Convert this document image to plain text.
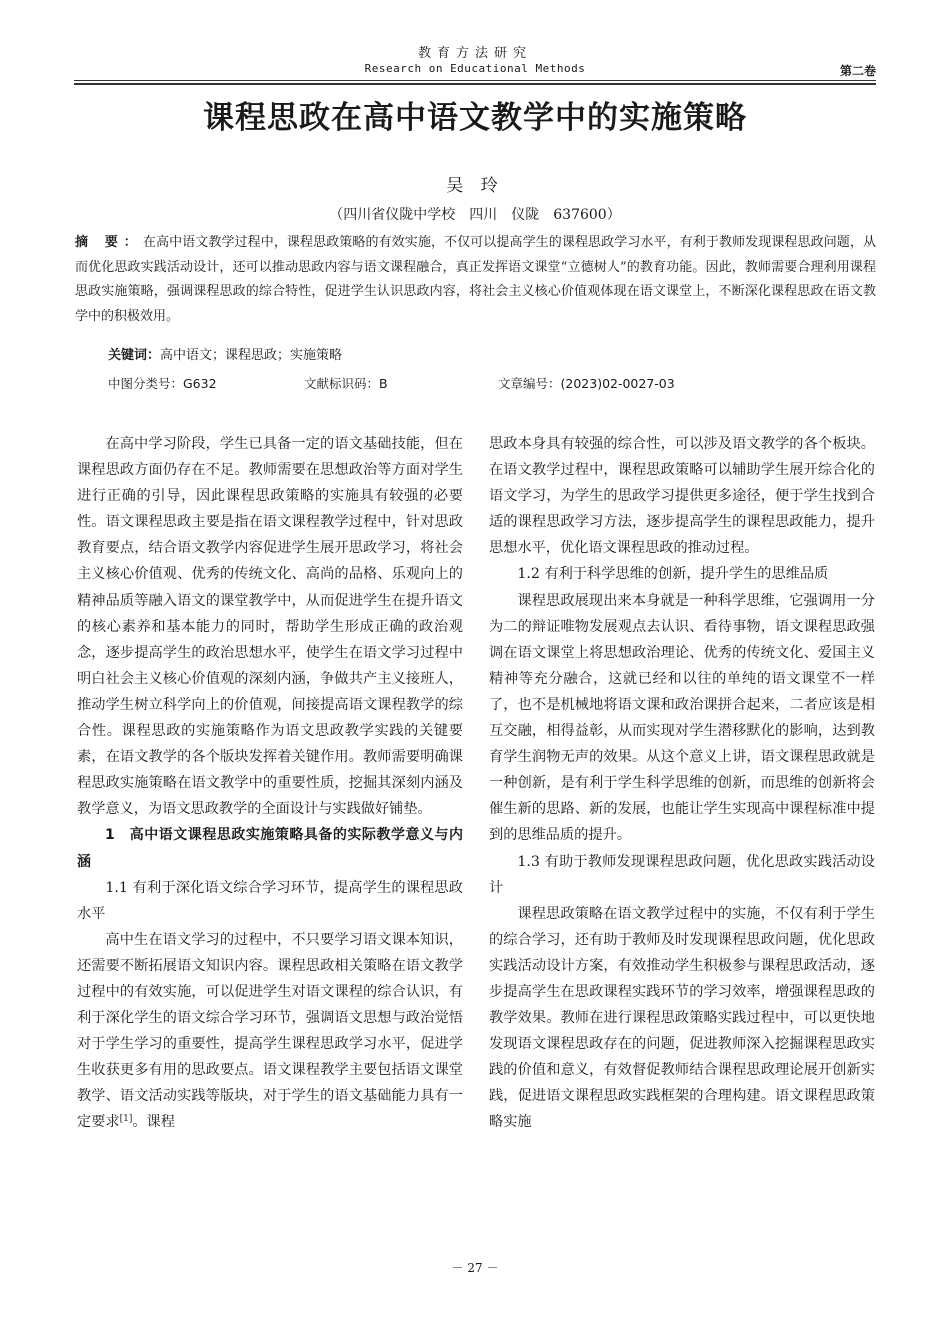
教育方法研究
Research on Educational Methods	第二卷
课程思政在高中语文教学中的实施策略
吴 玲
（四川省仪陇中学校　四川　仪陇　637600）
摘 要：在高中语文教学过程中，课程思政策略的有效实施，不仅可以提高学生的课程思政学习水平，有利于教师发现课程思政问题，从而优化思政实践活动设计，还可以推动思政内容与语文课程融合，真正发挥语文课堂“立德树人”的教育功能。因此，教师需要合理利用课程思政实施策略，强调课程思政的综合特性，促进学生认识思政内容，将社会主义核心价值观体现在语文课堂上，不断深化课程思政在语文教学中的积极效用。
关键词：高中语文；课程思政；实施策略
中图分类号：G632	文献标识码：B	文章编号：(2023)02-0027-03

在高中学习阶段，学生已具备一定的语文基础技能，但在课程思政方面仍存在不足。教师需要在思想政治等方面对学生进行正确的引导，因此课程思政策略的实施具有较强的必要性。语文课程思政主要是指在语文课程教学过程中，针对思政教育要点，结合语文教学内容促进学生展开思政学习，将社会主义核心价值观、优秀的传统文化、高尚的品格、乐观向上的精神品质等融入语文的课堂教学中，从而促进学生在提升语文的核心素养和基本能力的同时，帮助学生形成正确的政治观念，逐步提高学生的政治思想水平，使学生在语文学习过程中明白社会主义核心价值观的深刻内涵，争做共产主义接班人，推动学生树立科学向上的价值观，间接提高语文课程教学的综合性。课程思政的实施策略作为语文思政教学实践的关键要素，在语文教学的各个版块发挥着关键作用。教师需要明确课程思政实施策略在语文教学中的重要性质，挖掘其深刻内涵及教学意义，为语文思政教学的全面设计与实践做好铺垫。

1　高中语文课程思政实施策略具备的实际教学意义与内涵

1.1 有利于深化语文综合学习环节，提高学生的课程思政水平

高中生在语文学习的过程中，不只要学习语文课本知识，还需要不断拓展语文知识内容。课程思政相关策略在语文教学过程中的有效实施，可以促进学生对语文课程的综合认识，有利于深化学生的语文综合学习环节，强调语文思想与政治觉悟对于学生学习的重要性，提高学生课程思政学习水平，促进学生收获更多有用的思政要点。语文课程教学主要包括语文课堂教学、语文活动实践等版块，对于学生的语文基础能力具有一定要求[1]。课程

思政本身具有较强的综合性，可以涉及语文教学的各个板块。在语文教学过程中，课程思政策略可以辅助学生展开综合化的语文学习，为学生的思政学习提供更多途径，便于学生找到合适的课程思政学习方法，逐步提高学生的课程思政能力，提升思想水平，优化语文课程思政的推动过程。

1.2 有利于科学思维的创新，提升学生的思维品质

课程思政展现出来本身就是一种科学思维，它强调用一分为二的辩证唯物发展观点去认识、看待事物，语文课程思政强调在语文课堂上将思想政治理论、优秀的传统文化、爱国主义精神等充分融合，这就已经和以往的单纯的语文课堂不一样了，也不是机械地将语文课和政治课拼合起来，二者应该是相互交融，相得益彰，从而实现对学生潜移默化的影响，达到教育学生润物无声的效果。从这个意义上讲，语文课程思政就是一种创新，是有利于学生科学思维的创新，而思维的创新将会催生新的思路、新的发展，也能让学生实现高中课程标准中提到的思维品质的提升。

1.3 有助于教师发现课程思政问题，优化思政实践活动设计

课程思政策略在语文教学过程中的实施，不仅有利于学生的综合学习，还有助于教师及时发现课程思政问题，优化思政实践活动设计方案，有效推动学生积极参与课程思政活动，逐步提高学生在思政课程实践环节的学习效率，增强课程思政的教学效果。教师在进行课程思政策略实践过程中，可以更快地发现语文课程思政存在的问题，促进教师深入挖掘课程思政实践的价值和意义，有效督促教师结合课程思政理论展开创新实践，促进语文课程思政实践框架的合理构建。语文课程思政策略实施

－ 27 －
